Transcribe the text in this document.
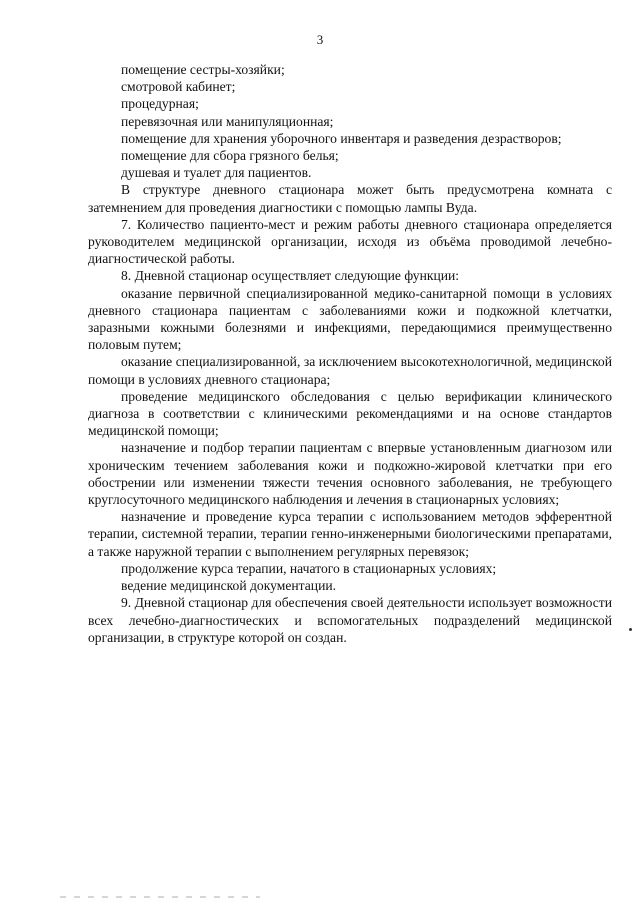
3

помещение сестры-хозяйки;

смотровой кабинет;

процедурная;

перевязочная или манипуляционная;

помещение для хранения уборочного инвентаря и разведения дезрастворов;

помещение для сбора грязного белья;

душевая и туалет для пациентов.

В структуре дневного стационара может быть предусмотрена комната с затемнением для проведения диагностики с помощью лампы Вуда.

7. Количество пациенто-мест и режим работы дневного стационара определяется руководителем медицинской организации, исходя из объёма проводимой лечебно-диагностической работы.

8. Дневной стационар осуществляет следующие функции:

оказание первичной специализированной медико-санитарной помощи в условиях дневного стационара пациентам с заболеваниями кожи и подкожной клетчатки, заразными кожными болезнями и инфекциями, передающимися преимущественно половым путем;

оказание специализированной, за исключением высокотехнологичной, медицинской помощи в условиях дневного стационара;

проведение медицинского обследования с целью верификации клинического диагноза в соответствии с клиническими рекомендациями и на основе стандартов медицинской помощи;

назначение и подбор терапии пациентам с впервые установленным диагнозом или хроническим течением заболевания кожи и подкожно-жировой клетчатки при его обострении или изменении тяжести течения основного заболевания, не требующего круглосуточного медицинского наблюдения и лечения в стационарных условиях;

назначение и проведение курса терапии с использованием методов эфферентной терапии, системной терапии, терапии генно-инженерными биологическими препаратами, а также наружной терапии с выполнением регулярных перевязок;

продолжение курса терапии, начатого в стационарных условиях;

ведение медицинской документации.

9. Дневной стационар для обеспечения своей деятельности использует возможности всех лечебно-диагностических и вспомогательных подразделений медицинской организации, в структуре которой он создан.
